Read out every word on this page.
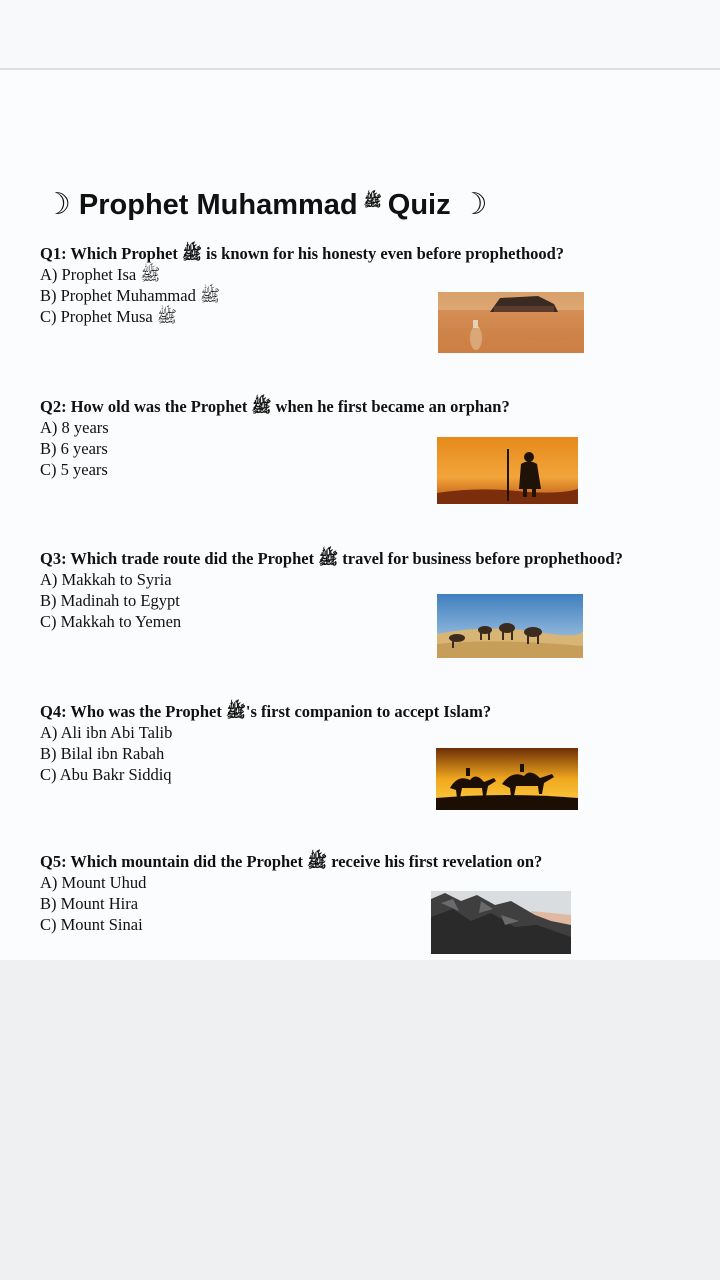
☽ Prophet Muhammad ﷺ Quiz ☽
Q1: Which Prophet ﷺ is known for his honesty even before prophethood?
A) Prophet Isa ﷺ
B) Prophet Muhammad ﷺ
C) Prophet Musa ﷺ
Q2: How old was the Prophet ﷺ when he first became an orphan?
A) 8 years
B) 6 years
C) 5 years
Q3: Which trade route did the Prophet ﷺ travel for business before prophethood?
A) Makkah to Syria
B) Madinah to Egypt
C) Makkah to Yemen
Q4: Who was the Prophet ﷺ's first companion to accept Islam?
A) Ali ibn Abi Talib
B) Bilal ibn Rabah
C) Abu Bakr Siddiq
Q5: Which mountain did the Prophet ﷺ receive his first revelation on?
A) Mount Uhud
B) Mount Hira
C) Mount Sinai
